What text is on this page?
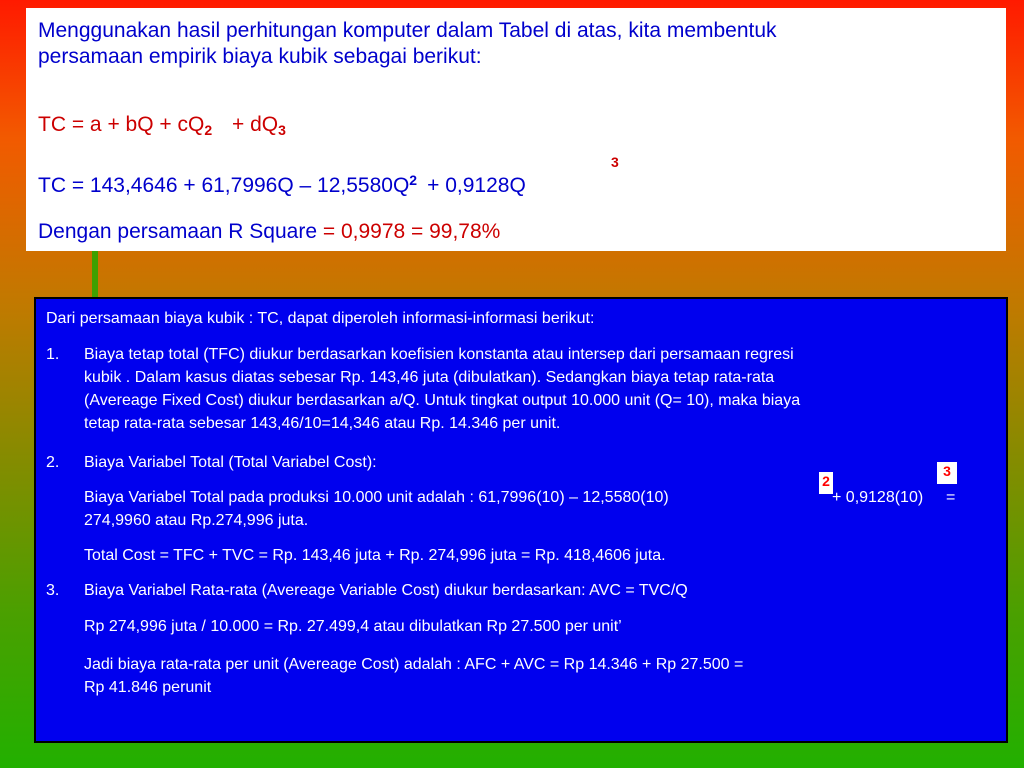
Menggunakan hasil perhitungan komputer dalam Tabel di atas, kita membentuk
persamaan empirik biaya kubik sebagai berikut:
TC = a + bQ + cQ2 + dQ3
TC = 143,4646 + 61,7996Q – 12,5580Q 2 + 0,9128Q
3
Dengan persamaan R Square = 0,9978 = 99,78%
Dari persamaan biaya kubik : TC, dapat diperoleh informasi-informasi berikut:
1. Biaya tetap total (TFC) diukur berdasarkan koefisien konstanta atau intersep dari persamaan regresi
kubik . Dalam kasus diatas sebesar Rp. 143,46 juta (dibulatkan). Sedangkan biaya tetap rata-rata
(Avereage Fixed Cost) diukur berdasarkan a/Q. Untuk tingkat output 10.000 unit (Q= 10), maka biaya
tetap rata-rata sebesar 143,46/10=14,346 atau Rp. 14.346 per unit.
2. Biaya Variabel Total (Total Variabel Cost):
Biaya Variabel Total pada produksi 10.000 unit adalah : 61,7996(10) – 12,5580(10)
2
+ 0,9128(10)
3
=
274,9960 atau Rp.274,996 juta.
Total Cost = TFC + TVC = Rp. 143,46 juta + Rp. 274,996 juta = Rp. 418,4606 juta.
3. Biaya Variabel Rata-rata (Avereage Variable Cost) diukur berdasarkan: AVC = TVC/Q
Rp 274,996 juta / 10.000 = Rp. 27.499,4 atau dibulatkan Rp 27.500 per unit’
Jadi biaya rata-rata per unit (Avereage Cost) adalah : AFC + AVC = Rp 14.346 + Rp 27.500 =
Rp 41.846 perunit
